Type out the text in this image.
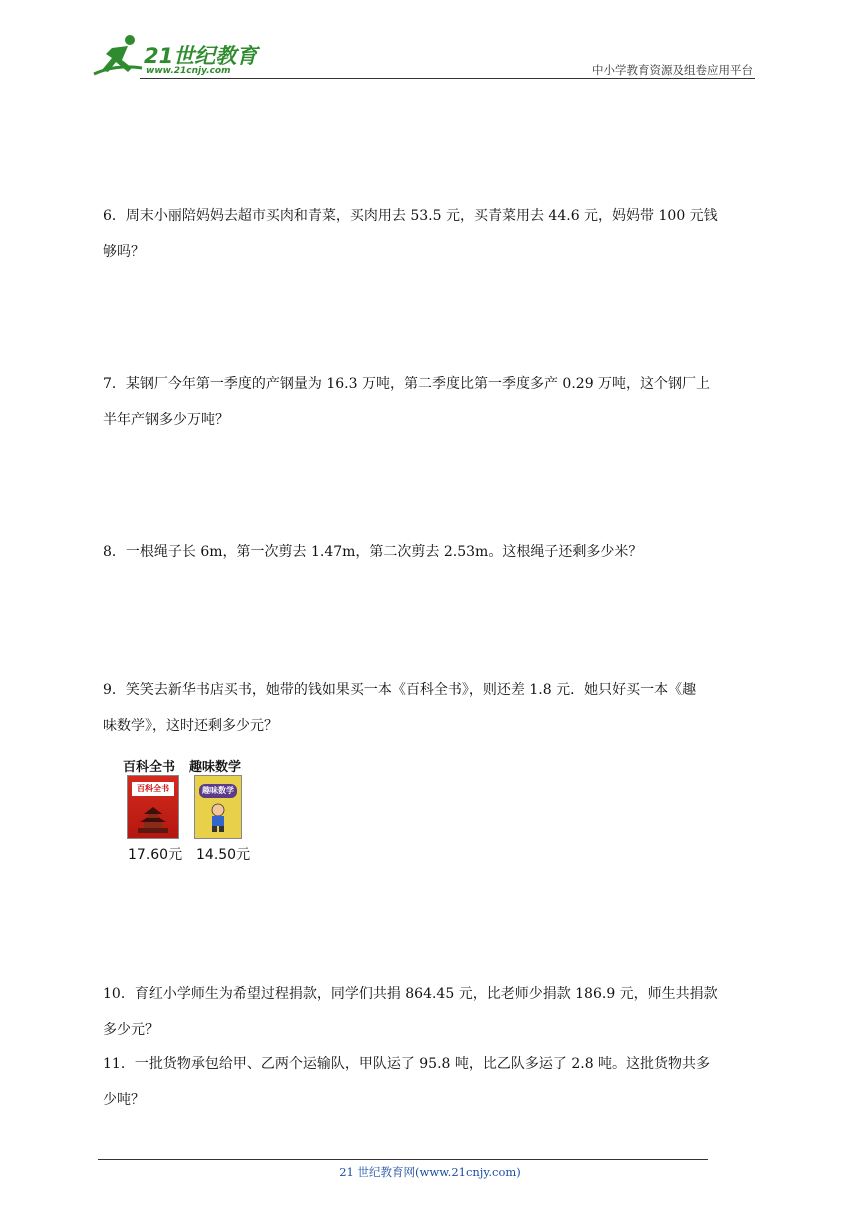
21世纪教育
www.21cnjy.com	中小学教育资源及组卷应用平台

6．周末小丽陪妈妈去超市买肉和青菜，买肉用去 53.5 元，买青菜用去 44.6 元，妈妈带 100 元钱

够吗？

7．某钢厂今年第一季度的产钢量为 16.3 万吨，第二季度比第一季度多产 0.29 万吨，这个钢厂上

半年产钢多少万吨？

8．一根绳子长 6m，第一次剪去 1.47m，第二次剪去 2.53m。这根绳子还剩多少米？

9．笑笑去新华书店买书，她带的钱如果买一本《百科全书》，则还差 1.8 元．她只好买一本《趣

味数学》，这时还剩多少元？

百科全书 趣味数学
百科全书	趣味数学
17.60元 14.50元

10．育红小学师生为希望过程捐款，同学们共捐 864.45 元，比老师少捐款 186.9 元，师生共捐款

多少元？

11．一批货物承包给甲、乙两个运输队，甲队运了 95.8 吨，比乙队多运了 2.8 吨。这批货物共多

少吨？

21 世纪教育网(www.21cnjy.com)
